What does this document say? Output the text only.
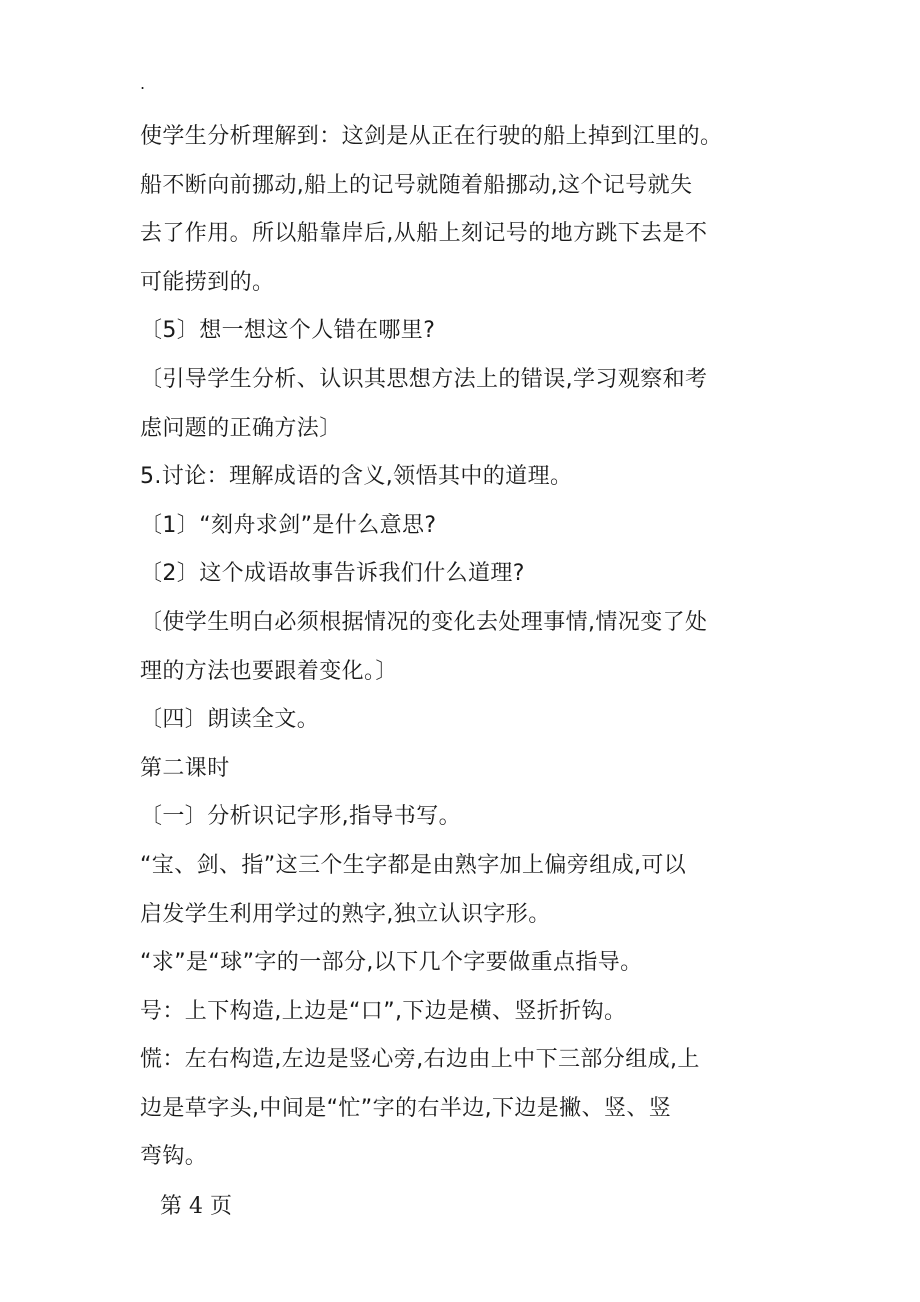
.
使学生分析理解到：这剑是从正在行驶的船上掉到江里的。
船不断向前挪动,船上的记号就随着船挪动,这个记号就失
去了作用。所以船靠岸后,从船上刻记号的地方跳下去是不
可能捞到的。
〔5〕想一想这个人错在哪里?
〔引导学生分析、认识其思想方法上的错误,学习观察和考
虑问题的正确方法〕
5.讨论：理解成语的含义,领悟其中的道理。
〔1〕“刻舟求剑”是什么意思?
〔2〕这个成语故事告诉我们什么道理?
〔使学生明白必须根据情况的变化去处理事情,情况变了处
理的方法也要跟着变化。〕
〔四〕朗读全文。
第二课时
〔一〕分析识记字形,指导书写。
“宝、剑、指”这三个生字都是由熟字加上偏旁组成,可以
启发学生利用学过的熟字,独立认识字形。
“求”是“球”字的一部分,以下几个字要做重点指导。
号：上下构造,上边是“口”,下边是横、竖折折钩。
慌：左右构造,左边是竖心旁,右边由上中下三部分组成,上
边是草字头,中间是“忙”字的右半边,下边是撇、竖、竖
弯钩。
第 4 页
